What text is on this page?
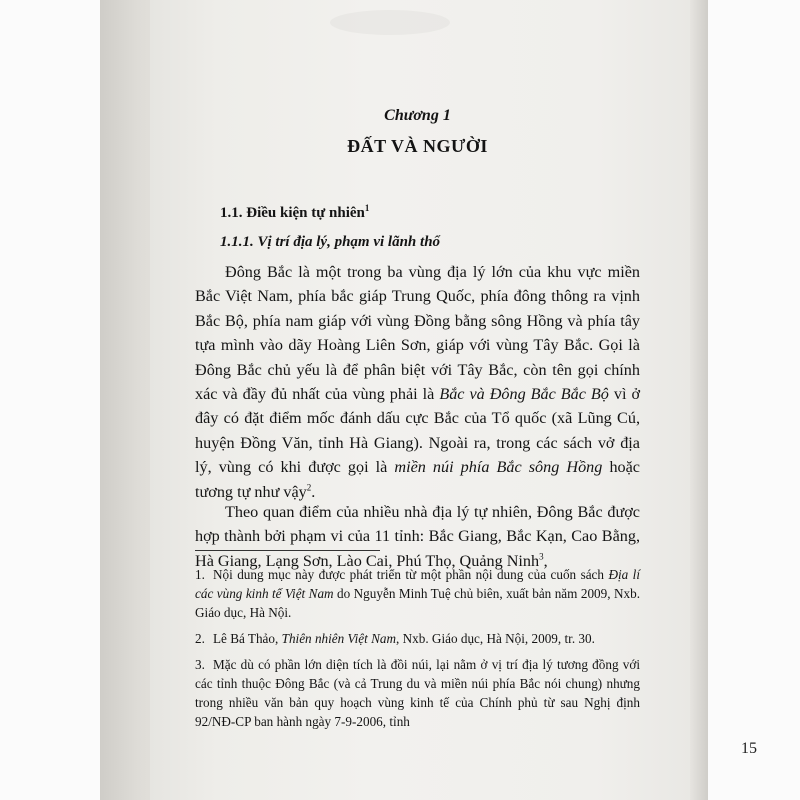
Chương 1
ĐẤT VÀ NGƯỜI
1.1. Điều kiện tự nhiên$^1$
1.1.1. Vị trí địa lý, phạm vi lãnh thổ

Đông Bắc là một trong ba vùng địa lý lớn của khu vực miền Bắc Việt Nam, phía bắc giáp Trung Quốc, phía đông thông ra vịnh Bắc Bộ, phía nam giáp với vùng Đồng bằng sông Hồng và phía tây tựa mình vào dãy Hoàng Liên Sơn, giáp với vùng Tây Bắc. Gọi là Đông Bắc chủ yếu là để phân biệt với Tây Bắc, còn tên gọi chính xác và đầy đủ nhất của vùng phải là Bắc và Đông Bắc Bắc Bộ vì ở đây có đặt điểm mốc đánh dấu cực Bắc của Tổ quốc (xã Lũng Cú, huyện Đồng Văn, tỉnh Hà Giang). Ngoài ra, trong các sách vở địa lý, vùng có khi được gọi là miền núi phía Bắc sông Hồng hoặc tương tự như vậy$^2$.

Theo quan điểm của nhiều nhà địa lý tự nhiên, Đông Bắc được hợp thành bởi phạm vi của 11 tỉnh: Bắc Giang, Bắc Kạn, Cao Bằng, Hà Giang, Lạng Sơn, Lào Cai, Phú Thọ, Quảng Ninh$^3$,

1. Nội dung mục này được phát triển từ một phần nội dung của cuốn sách Địa lí các vùng kinh tế Việt Nam do Nguyễn Minh Tuệ chủ biên, xuất bản năm 2009, Nxb. Giáo dục, Hà Nội.
2. Lê Bá Thảo, Thiên nhiên Việt Nam, Nxb. Giáo dục, Hà Nội, 2009, tr. 30.
3. Mặc dù có phần lớn diện tích là đồi núi, lại nằm ở vị trí địa lý tương đồng với các tỉnh thuộc Đông Bắc (và cả Trung du và miền núi phía Bắc nói chung) nhưng trong nhiều văn bản quy hoạch vùng kinh tế của Chính phủ từ sau Nghị định 92/NĐ-CP ban hành ngày 7-9-2006, tỉnh
15
